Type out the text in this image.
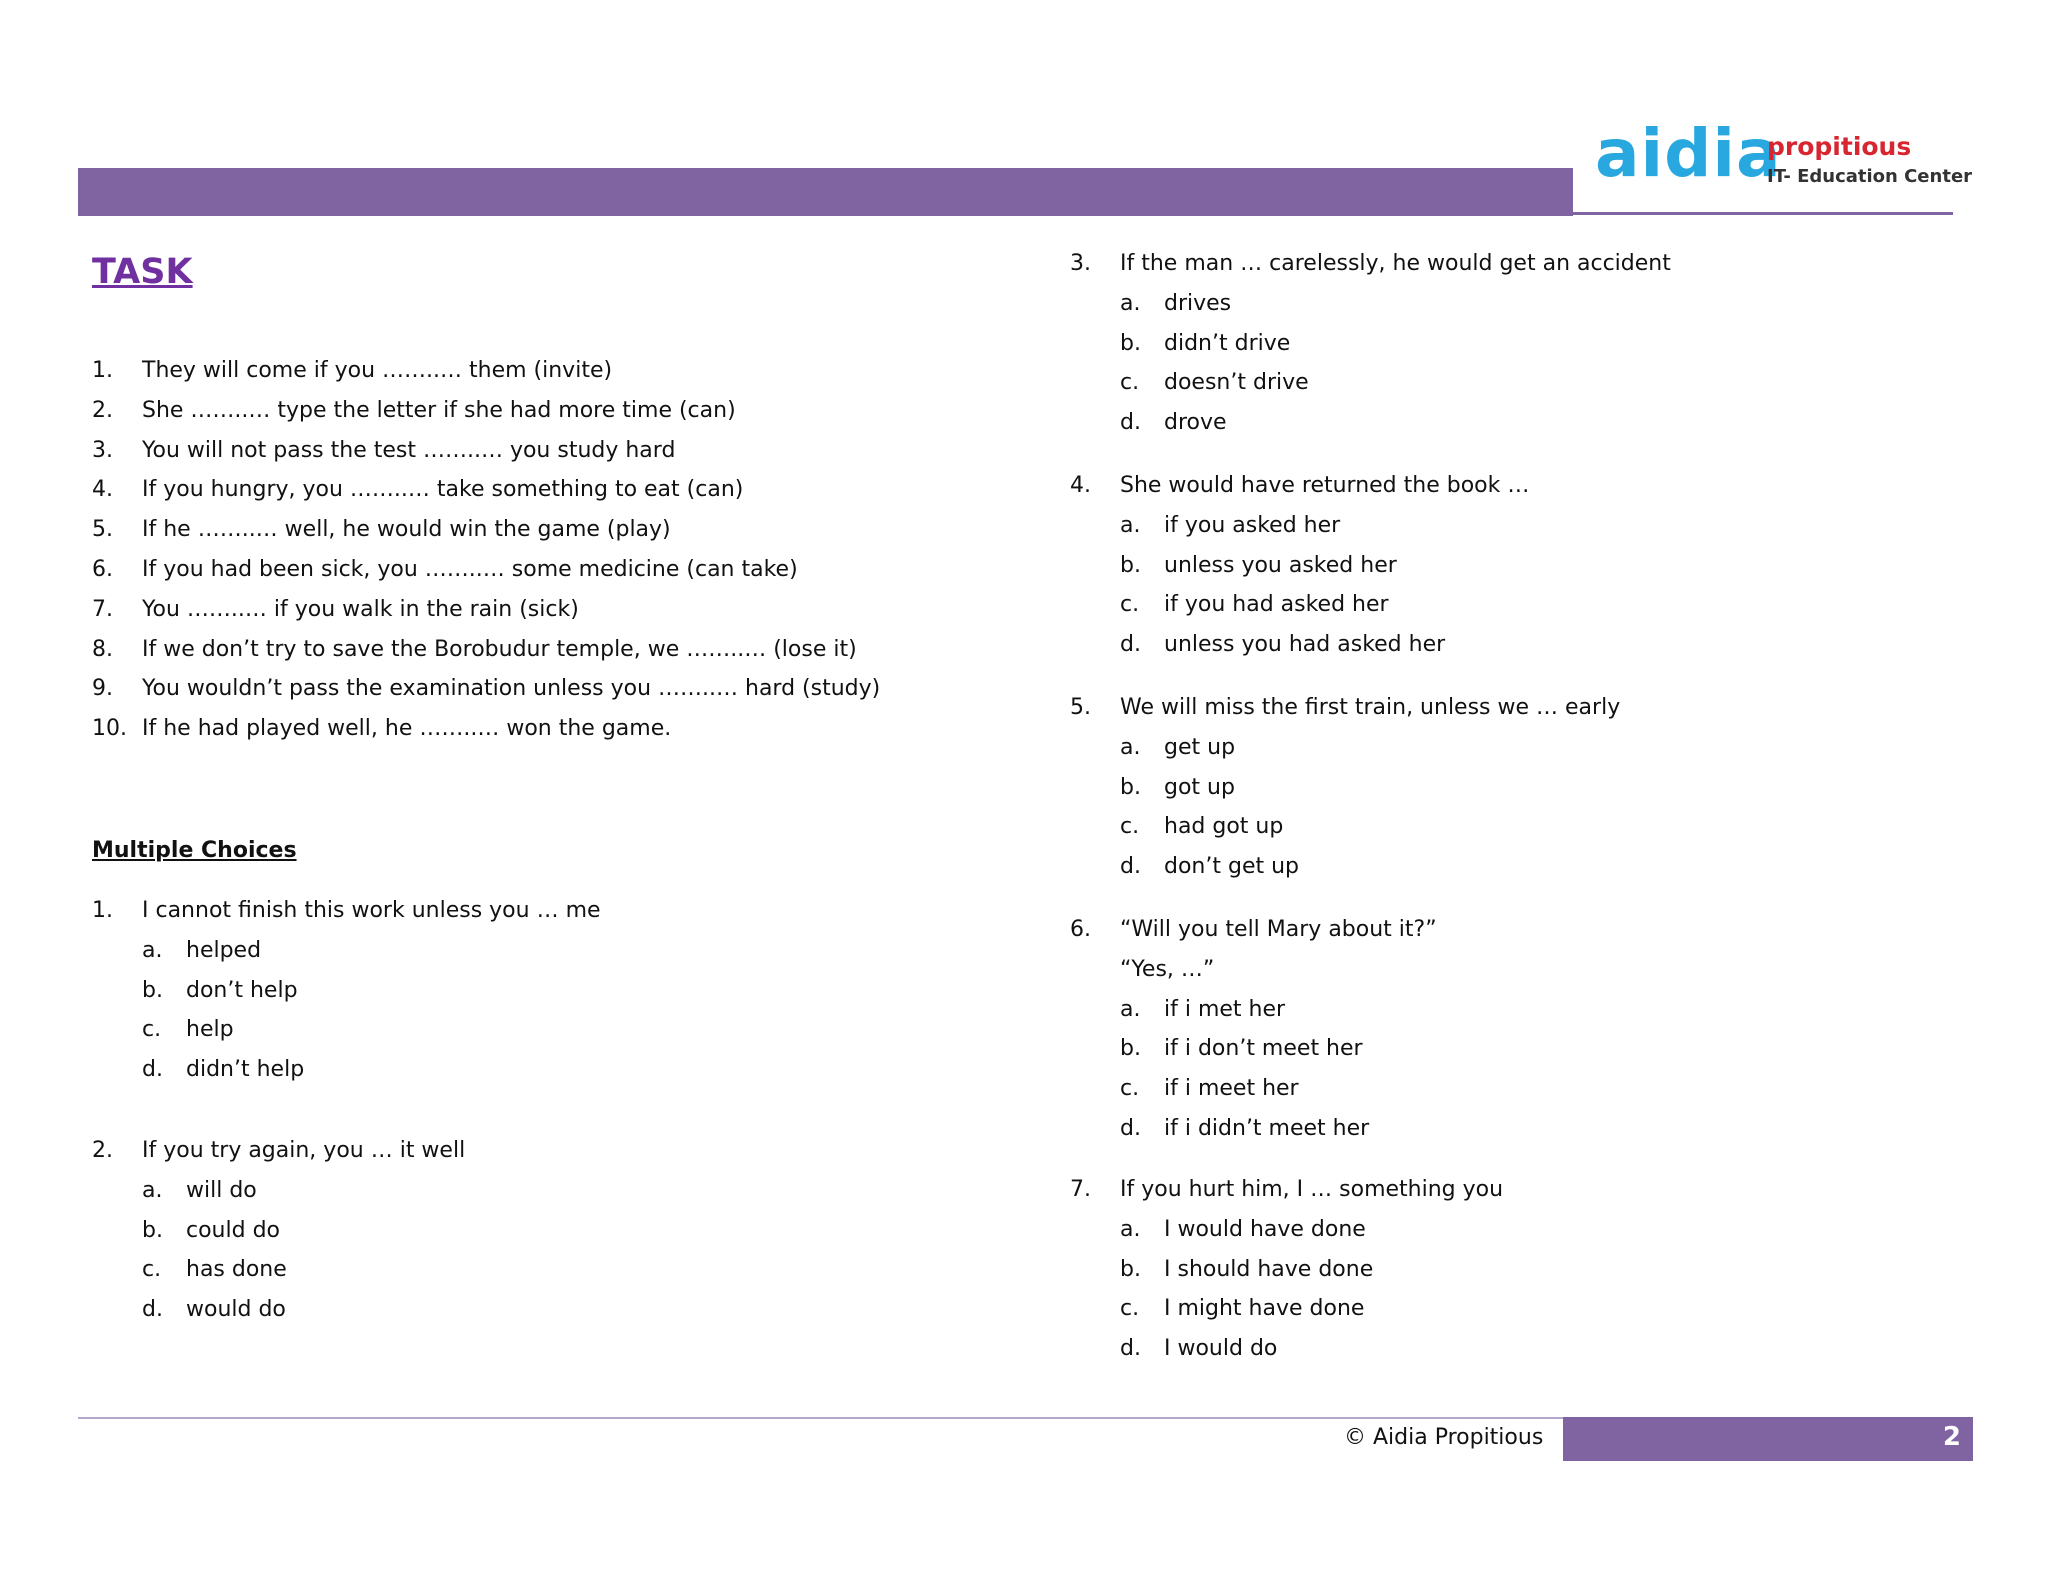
aidia
propitious
IT- Education Center
TASK
1. They will come if you ……..… them (invite)
2. She ……..… type the letter if she had more time (can)
3. You will not pass the test ……..… you study hard
4. If you hungry, you ……..… take something to eat (can)
5. If he ……..… well, he would win the game (play)
6. If you had been sick, you ……..… some medicine (can take)
7. You ……..… if you walk in the rain (sick)
8. If we don’t try to save the Borobudur temple, we ……..… (lose it)
9. You wouldn’t pass the examination unless you ……..… hard (study)
10. If he had played well, he ……..… won the game.
Multiple Choices
1. I cannot finish this work unless you … me
a. helped
b. don’t help
c. help
d. didn’t help
2. If you try again, you … it well
a. will do
b. could do
c. has done
d. would do
3. If the man … carelessly, he would get an accident
a. drives
b. didn’t drive
c. doesn’t drive
d. drove
4. She would have returned the book …
a. if you asked her
b. unless you asked her
c. if you had asked her
d. unless you had asked her
5. We will miss the first train, unless we … early
a. get up
b. got up
c. had got up
d. don’t get up
6. “Will you tell Mary about it?”
“Yes, …”
a. if i met her
b. if i don’t meet her
c. if i meet her
d. if i didn’t meet her
7. If you hurt him, I … something you
a. I would have done
b. I should have done
c. I might have done
d. I would do
© Aidia Propitious	2
